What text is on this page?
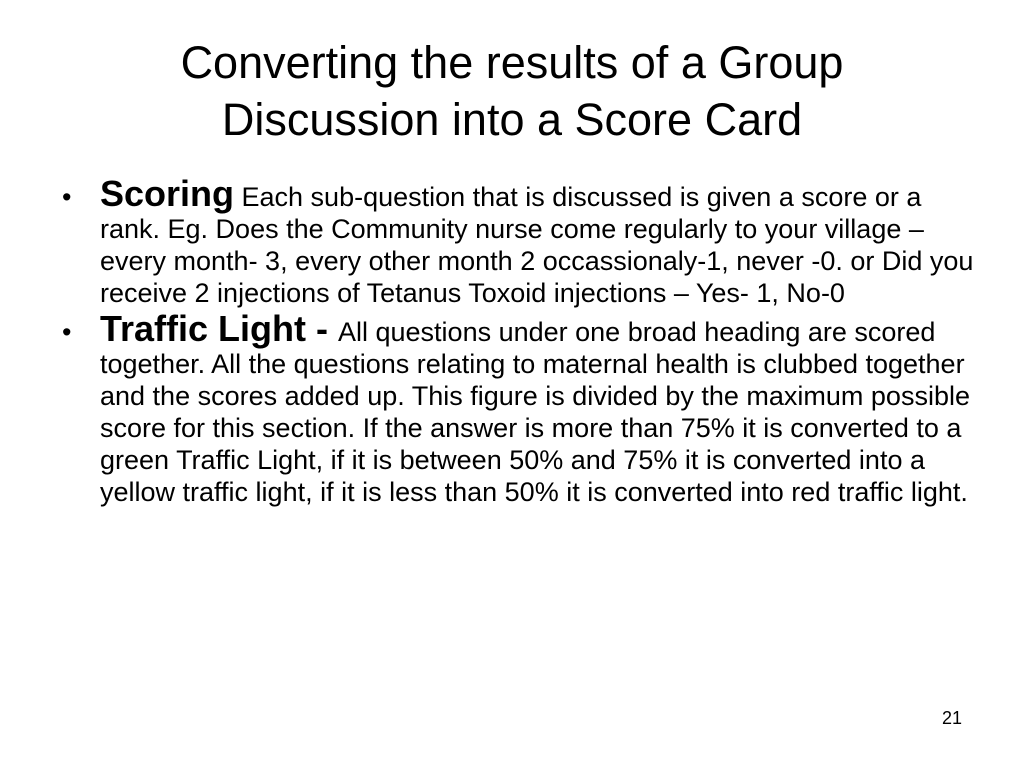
Converting the results of a Group
Discussion into a Score Card
• Scoring Each sub-question that is discussed is given a score or a rank. Eg. Does the Community nurse come regularly to your village – every month- 3, every other month 2 occassionaly-1, never -0. or Did you receive 2 injections of Tetanus Toxoid injections – Yes- 1, No-0
• Traffic Light - All questions under one broad heading are scored together. All the questions relating to maternal health is clubbed together and the scores added up. This figure is divided by the maximum possible score for this section. If the answer is more than 75% it is converted to a green Traffic Light, if it is between 50% and 75% it is converted into a yellow traffic light, if it is less than 50% it is converted into red traffic light.
21
